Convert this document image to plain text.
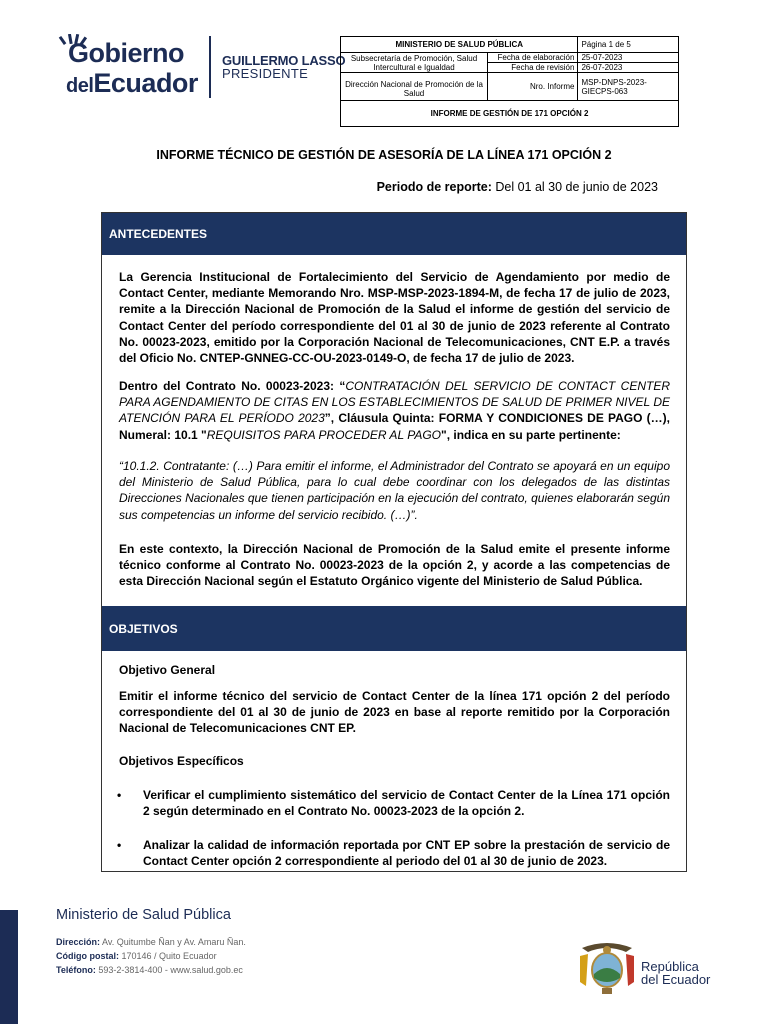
Gobierno
delEcuador
GUILLERMO LASSO
PRESIDENTE
MINISTERIO DE SALUD PÚBLICA		Página 1 de 5
Subsecretaría de Promoción, Salud Intercultural e Igualdad	Fecha de elaboración	25-07-2023
	Fecha de revisión	26-07-2023
Dirección Nacional de Promoción de la Salud	Nro. Informe	MSP-DNPS-2023-GIECPS-063
INFORME DE GESTIÓN DE 171 OPCIÓN 2		
INFORME TÉCNICO DE GESTIÓN DE ASESORÍA DE LA LÍNEA 171 OPCIÓN 2
Periodo de reporte: Del 01 al 30 de junio de 2023
ANTECEDENTES
La Gerencia Institucional de Fortalecimiento del Servicio de Agendamiento por medio de Contact Center, mediante Memorando Nro. MSP-MSP-2023-1894-M, de fecha 17 de julio de 2023, remite a la Dirección Nacional de Promoción de la Salud el informe de gestión del servicio de Contact Center del período correspondiente del 01 al 30 de junio de 2023 referente al Contrato No. 00023-2023, emitido por la Corporación Nacional de Telecomunicaciones, CNT E.P. a través del Oficio No. CNTEP-GNNEG-CC-OU-2023-0149-O, de fecha 17 de julio de 2023.
Dentro del Contrato No. 00023-2023: “CONTRATACIÓN DEL SERVICIO DE CONTACT CENTER PARA AGENDAMIENTO DE CITAS EN LOS ESTABLECIMIENTOS DE SALUD DE PRIMER NIVEL DE ATENCIÓN PARA EL PERÍODO 2023”, Cláusula Quinta: FORMA Y CONDICIONES DE PAGO (…), Numeral: 10.1 "REQUISITOS PARA PROCEDER AL PAGO", indica en su parte pertinente:
“10.1.2. Contratante: (…) Para emitir el informe, el Administrador del Contrato se apoyará en un equipo del Ministerio de Salud Pública, para lo cual debe coordinar con los delegados de las distintas Direcciones Nacionales que tienen participación en la ejecución del contrato, quienes elaborarán según sus competencias un informe del servicio recibido. (…)”.
En este contexto, la Dirección Nacional de Promoción de la Salud emite el presente informe técnico conforme al Contrato No. 00023-2023 de la opción 2, y acorde a las competencias de esta Dirección Nacional según el Estatuto Orgánico vigente del Ministerio de Salud Pública.
OBJETIVOS
Objetivo General
Emitir el informe técnico del servicio de Contact Center de la línea 171 opción 2 del período correspondiente del 01 al 30 de junio de 2023 en base al reporte remitido por la Corporación Nacional de Telecomunicaciones CNT EP.
Objetivos Específicos
• Verificar el cumplimiento sistemático del servicio de Contact Center de la Línea 171 opción 2 según determinado en el Contrato No. 00023-2023 de la opción 2.
• Analizar la calidad de información reportada por CNT EP sobre la prestación de servicio de Contact Center opción 2 correspondiente al periodo del 01 al 30 de junio de 2023.
Ministerio de Salud Pública
Dirección: Av. Quitumbe Ñan y Av. Amaru Ñan.
Código postal: 170146 / Quito Ecuador
Teléfono: 593-2-3814-400 - www.salud.gob.ec	República
del Ecuador
